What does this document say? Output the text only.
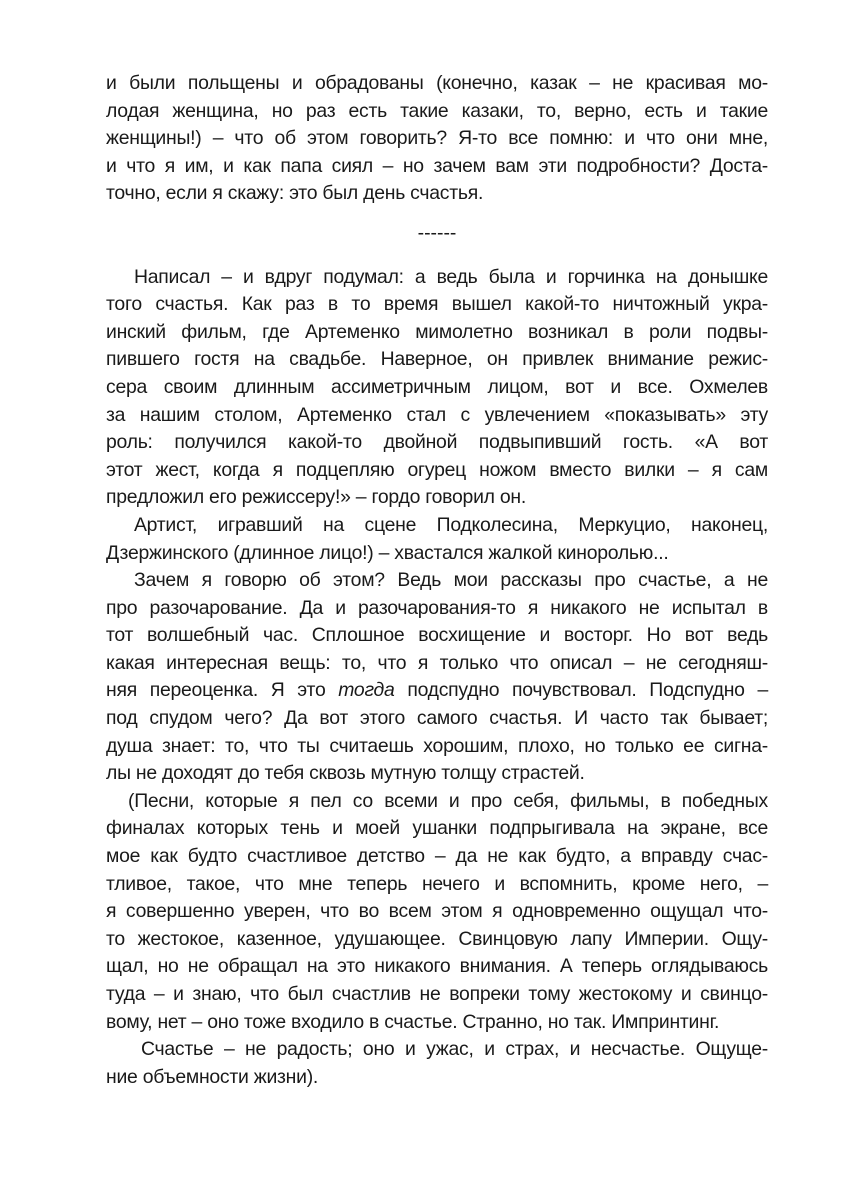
и были польщены и обрадованы (конечно, казак – не красивая мо-
лодая женщина, но раз есть такие казаки, то, верно, есть и такие
женщины!) – что об этом говорить? Я-то все помню: и что они мне,
и что я им, и как папа сиял – но зачем вам эти подробности? Доста-
точно, если я скажу: это был день счастья.
------
Написал – и вдруг подумал: а ведь была и горчинка на донышке
того счастья. Как раз в то время вышел какой-то ничтожный укра-
инский фильм, где Артеменко мимолетно возникал в роли подвы-
пившего гостя на свадьбе. Наверное, он привлек внимание режис-
сера своим длинным ассиметричным лицом, вот и все. Охмелев
за нашим столом, Артеменко стал с увлечением «показывать» эту
роль: получился какой-то двойной подвыпивший гость. «А вот
этот жест, когда я подцепляю огурец ножом вместо вилки – я сам
предложил его режиссеру!» – гордо говорил он.
Артист, игравший на сцене Подколесина, Меркуцио, наконец,
Дзержинского (длинное лицо!) – хвастался жалкой киноролью...
Зачем я говорю об этом? Ведь мои рассказы про счастье, а не
про разочарование. Да и разочарования-то я никакого не испытал в
тот волшебный час. Сплошное восхищение и восторг. Но вот ведь
какая интересная вещь: то, что я только что описал – не сегодняш-
няя переоценка. Я это тогда подспудно почувствовал. Подспудно –
под спудом чего? Да вот этого самого счастья. И часто так бывает;
душа знает: то, что ты считаешь хорошим, плохо, но только ее сигна-
лы не доходят до тебя сквозь мутную толщу страстей.
(Песни, которые я пел со всеми и про себя, фильмы, в победных
финалах которых тень и моей ушанки подпрыгивала на экране, все
мое как будто счастливое детство – да не как будто, а вправду счас-
тливое, такое, что мне теперь нечего и вспомнить, кроме него, –
я совершенно уверен, что во всем этом я одновременно ощущал что-
то жестокое, казенное, удушающее. Свинцовую лапу Империи. Ощу-
щал, но не обращал на это никакого внимания. А теперь оглядываюсь
туда – и знаю, что был счастлив не вопреки тому жестокому и свинцо-
вому, нет – оно тоже входило в счастье. Странно, но так. Импринтинг.
Счастье – не радость; оно и ужас, и страх, и несчастье. Ощуще-
ние объемности жизни).
